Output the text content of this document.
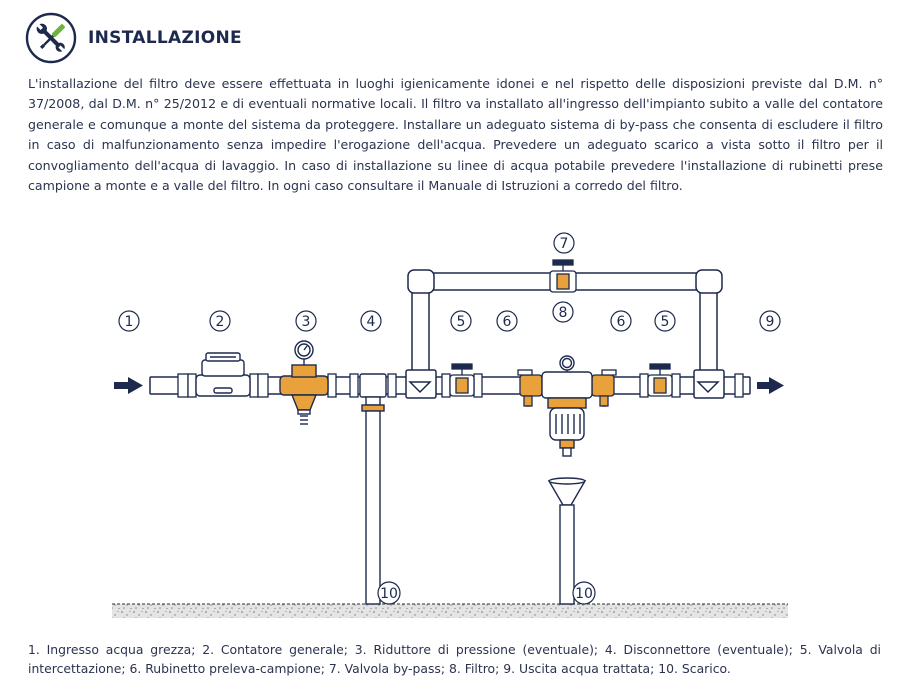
INSTALLAZIONE

L'installazione del filtro deve essere effettuata in luoghi igienicamente idonei e nel rispetto delle disposizioni previste dal D.M. n° 37/2008, dal D.M. n° 25/2012 e di eventuali normative locali. Il filtro va installato all'ingresso dell'impianto subito a valle del contatore generale e comunque a monte del sistema da proteggere. Installare un adeguato sistema di by-pass che consenta di escludere il filtro in caso di malfunzionamento senza impedire l'erogazione dell'acqua. Prevedere un adeguato scarico a vista sotto il filtro per il convogliamento dell'acqua di lavaggio. In caso di installazione su linee di acqua potabile prevedere l'installazione di rubinetti prese campione a monte e a valle del filtro. In ogni caso consultare il Manuale di Istruzioni a corredo del filtro.

1	2	3	4	5	6
7
8
6	5	9
10	10

1. Ingresso acqua grezza; 2. Contatore generale; 3. Riduttore di pressione (eventuale); 4. Disconnettore (eventuale); 5. Valvola di intercettazione; 6. Rubinetto preleva-campione; 7. Valvola by-pass; 8. Filtro; 9. Uscita acqua trattata; 10. Scarico.
